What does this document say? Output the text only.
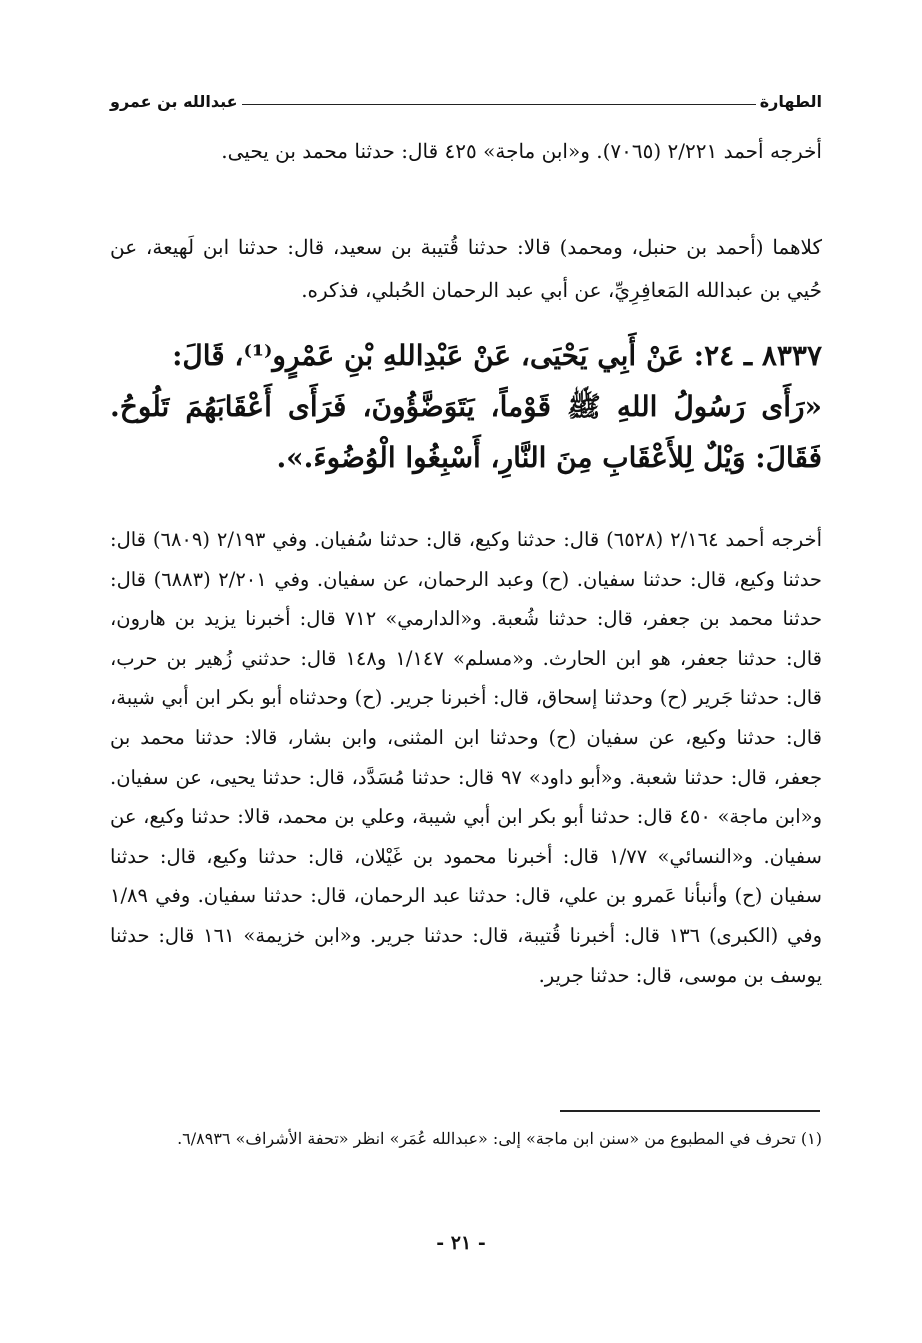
الطهارة
عبدالله بن عمرو

أخرجه أحمد ٢/٢٢١ (٧٠٦٥). و«ابن ماجة» ٤٢٥ قال: حدثنا محمد بن يحيى.

كلاهما (أحمد بن حنبل، ومحمد) قالا: حدثنا قُتيبة بن سعيد، قال: حدثنا ابن لَهيعة، عن حُيي بن عبدالله المَعافِرِيِّ، عن أبي عبد الرحمان الحُبلي، فذكره.

٨٣٣٧ ـ ٢٤: عَنْ أَبِي يَحْيَى، عَنْ عَبْدِاللهِ بْنِ عَمْرٍو⁽¹⁾، قَالَ:

«رَأَى رَسُولُ اللهِ ﷺ قَوْماً، يَتَوَضَّؤُونَ، فَرَأَى أَعْقَابَهُمَ تَلُوحُ. فَقَالَ: وَيْلٌ لِلأَعْقَابِ مِنَ النَّارِ، أَسْبِغُوا الْوُضُوءَ.».

أخرجه أحمد ٢/١٦٤ (٦٥٢٨) قال: حدثنا وكيع، قال: حدثنا سُفيان. وفي ٢/١٩٣ (٦٨٠٩) قال: حدثنا وكيع، قال: حدثنا سفيان. (ح) وعبد الرحمان، عن سفيان. وفي ٢/٢٠١ (٦٨٨٣) قال: حدثنا محمد بن جعفر، قال: حدثنا شُعبة. و«الدارمي» ٧١٢ قال: أخبرنا يزيد بن هارون، قال: حدثنا جعفر، هو ابن الحارث. و«مسلم» ١/١٤٧ و١٤٨ قال: حدثني زُهير بن حرب، قال: حدثنا جَرير (ح) وحدثنا إسحاق، قال: أخبرنا جرير. (ح) وحدثناه أبو بكر ابن أبي شيبة، قال: حدثنا وكيع، عن سفيان (ح) وحدثنا ابن المثنى، وابن بشار، قالا: حدثنا محمد بن جعفر، قال: حدثنا شعبة. و«أبو داود» ٩٧ قال: حدثنا مُسَدَّد، قال: حدثنا يحيى، عن سفيان. و«ابن ماجة» ٤٥٠ قال: حدثنا أبو بكر ابن أبي شيبة، وعلي بن محمد، قالا: حدثنا وكيع، عن سفيان. و«النسائي» ١/٧٧ قال: أخبرنا محمود بن غَيْلان، قال: حدثنا وكيع، قال: حدثنا سفيان (ح) وأنبأنا عَمرو بن علي، قال: حدثنا عبد الرحمان، قال: حدثنا سفيان. وفي ١/٨٩ وفي (الكبرى) ١٣٦ قال: أخبرنا قُتيبة، قال: حدثنا جرير. و«ابن خزيمة» ١٦١ قال: حدثنا يوسف بن موسى، قال: حدثنا جرير.

(١) تحرف في المطبوع من «سنن ابن ماجة» إلى: «عبدالله عُمَر» انظر «تحفة الأشراف» ٦/٨٩٣٦.
- ٢١ -
